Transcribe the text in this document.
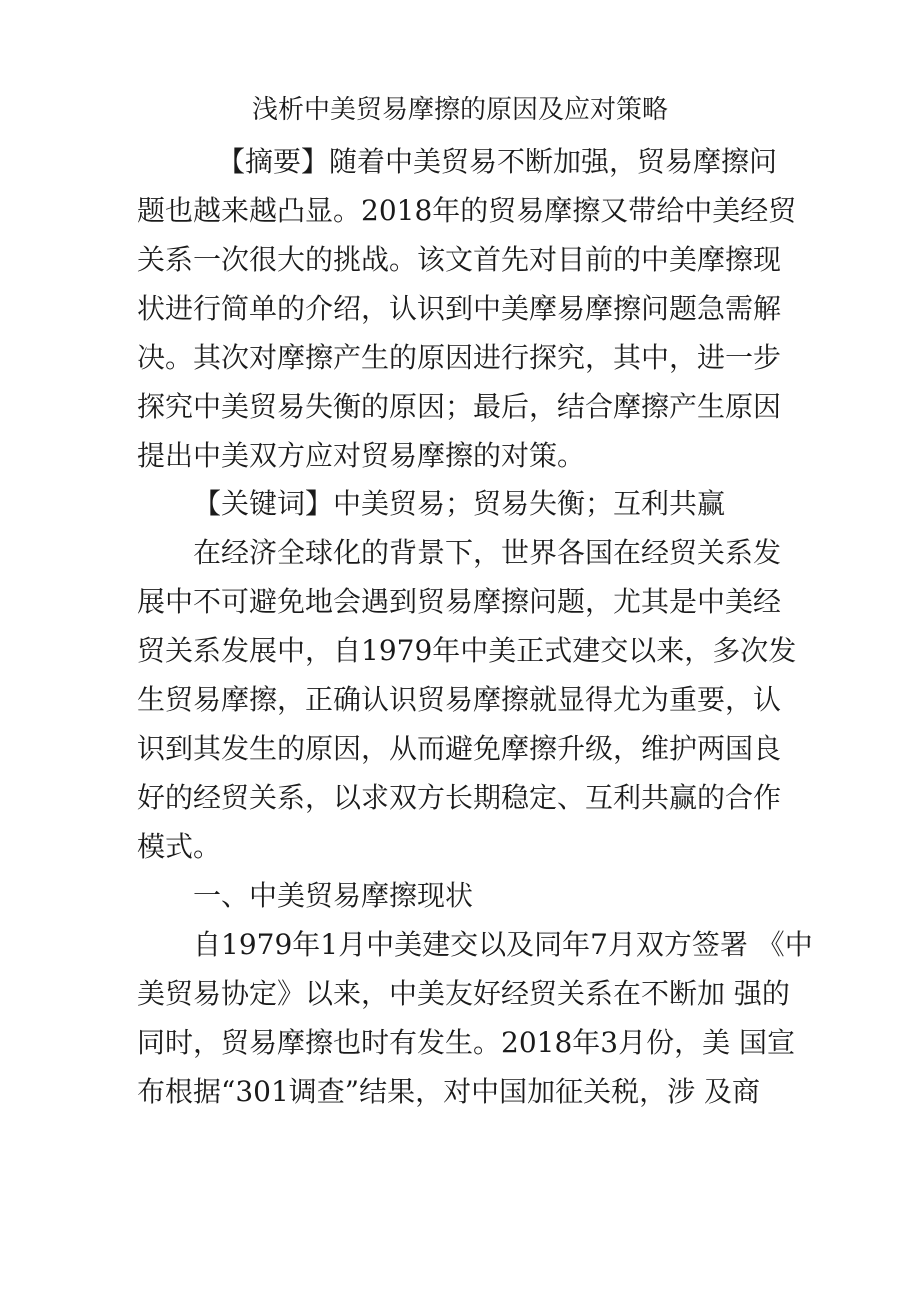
浅析中美贸易摩擦的原因及应对策略
【摘要】随着中美贸易不断加强，贸易摩擦问
题也越来越凸显。2018年的贸易摩擦又带给中美经贸
关系一次很大的挑战。该文首先对目前的中美摩擦现
状进行简单的介绍，认识到中美摩易摩擦问题急需解
决。其次对摩擦产生的原因进行探究，其中，进一步
探究中美贸易失衡的原因；最后，结合摩擦产生原因
提出中美双方应对贸易摩擦的对策。
【关键词】中美贸易；贸易失衡；互利共赢
在经济全球化的背景下，世界各国在经贸关系发
展中不可避免地会遇到贸易摩擦问题，尤其是中美经
贸关系发展中，自1979年中美正式建交以来，多次发
生贸易摩擦，正确认识贸易摩擦就显得尤为重要，认
识到其发生的原因，从而避免摩擦升级，维护两国良
好的经贸关系，以求双方长期稳定、互利共赢的合作
模式。
一、中美贸易摩擦现状
自1979年1月中美建交以及同年7月双方签署 《中
美贸易协定》以来，中美友好经贸关系在不断加 强的
同时，贸易摩擦也时有发生。2018年3月份，美 国宣
布根据“301调查”结果，对中国加征关税，涉 及商
